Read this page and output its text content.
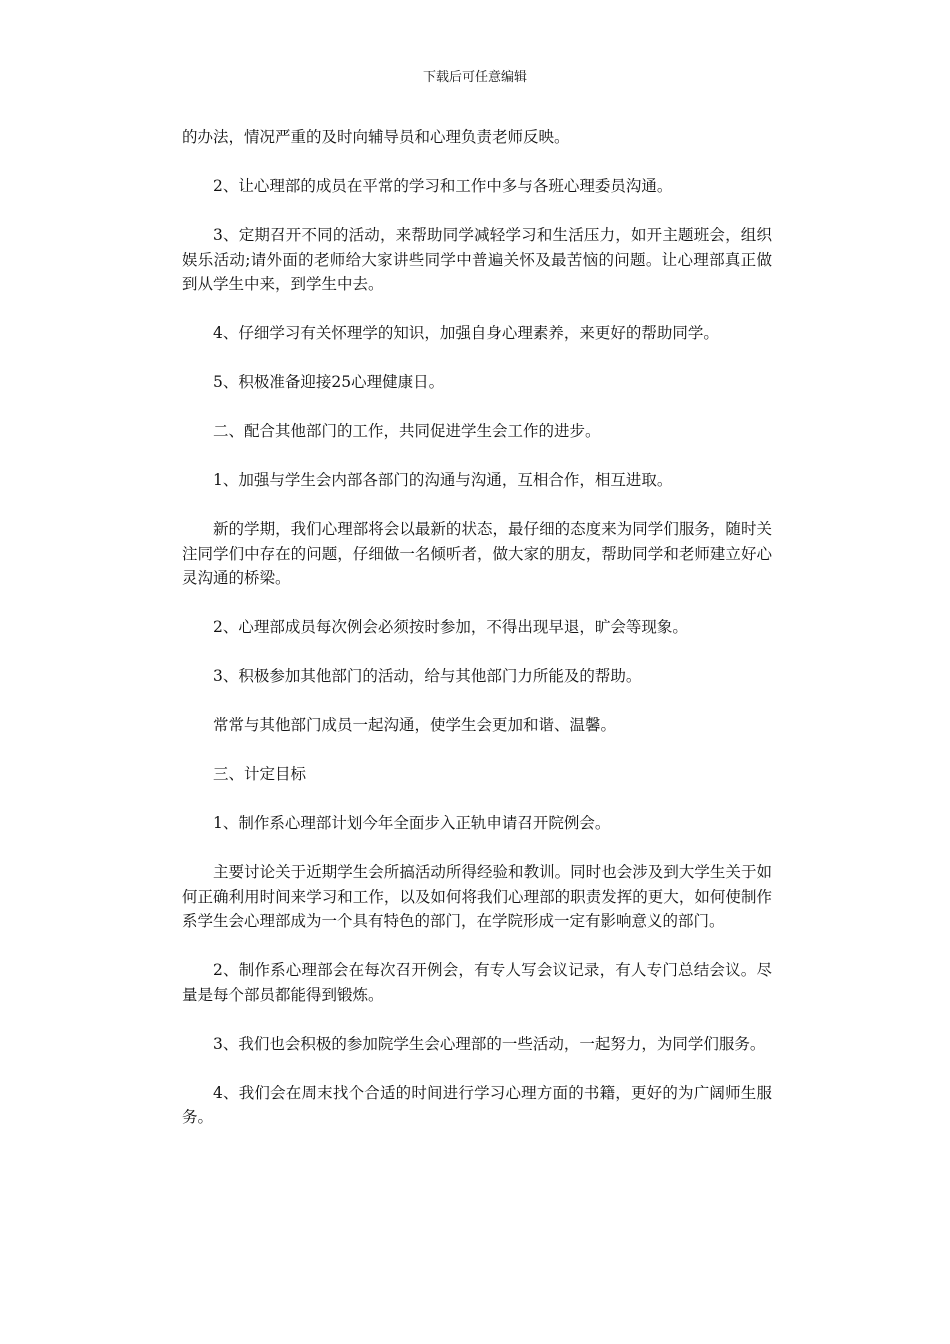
下载后可任意编辑

的办法，情况严重的及时向辅导员和心理负责老师反映。

2、让心理部的成员在平常的学习和工作中多与各班心理委员沟通。

3、定期召开不同的活动，来帮助同学减轻学习和生活压力，如开主题班会，组织娱乐活动;请外面的老师给大家讲些同学中普遍关怀及最苦恼的问题。让心理部真正做到从学生中来，到学生中去。

4、仔细学习有关怀理学的知识，加强自身心理素养，来更好的帮助同学。

5、积极准备迎接25心理健康日。

二、配合其他部门的工作，共同促进学生会工作的进步。

1、加强与学生会内部各部门的沟通与沟通，互相合作，相互进取。

新的学期，我们心理部将会以最新的状态，最仔细的态度来为同学们服务，随时关注同学们中存在的问题，仔细做一名倾听者，做大家的朋友，帮助同学和老师建立好心灵沟通的桥梁。

2、心理部成员每次例会必须按时参加，不得出现早退，旷会等现象。

3、积极参加其他部门的活动，给与其他部门力所能及的帮助。

常常与其他部门成员一起沟通，使学生会更加和谐、温馨。

三、计定目标

1、制作系心理部计划今年全面步入正轨申请召开院例会。

主要讨论关于近期学生会所搞活动所得经验和教训。同时也会涉及到大学生关于如何正确利用时间来学习和工作，以及如何将我们心理部的职责发挥的更大，如何使制作系学生会心理部成为一个具有特色的部门，在学院形成一定有影响意义的部门。

2、制作系心理部会在每次召开例会，有专人写会议记录，有人专门总结会议。尽量是每个部员都能得到锻炼。

3、我们也会积极的参加院学生会心理部的一些活动，一起努力，为同学们服务。

4、我们会在周末找个合适的时间进行学习心理方面的书籍，更好的为广阔师生服务。
